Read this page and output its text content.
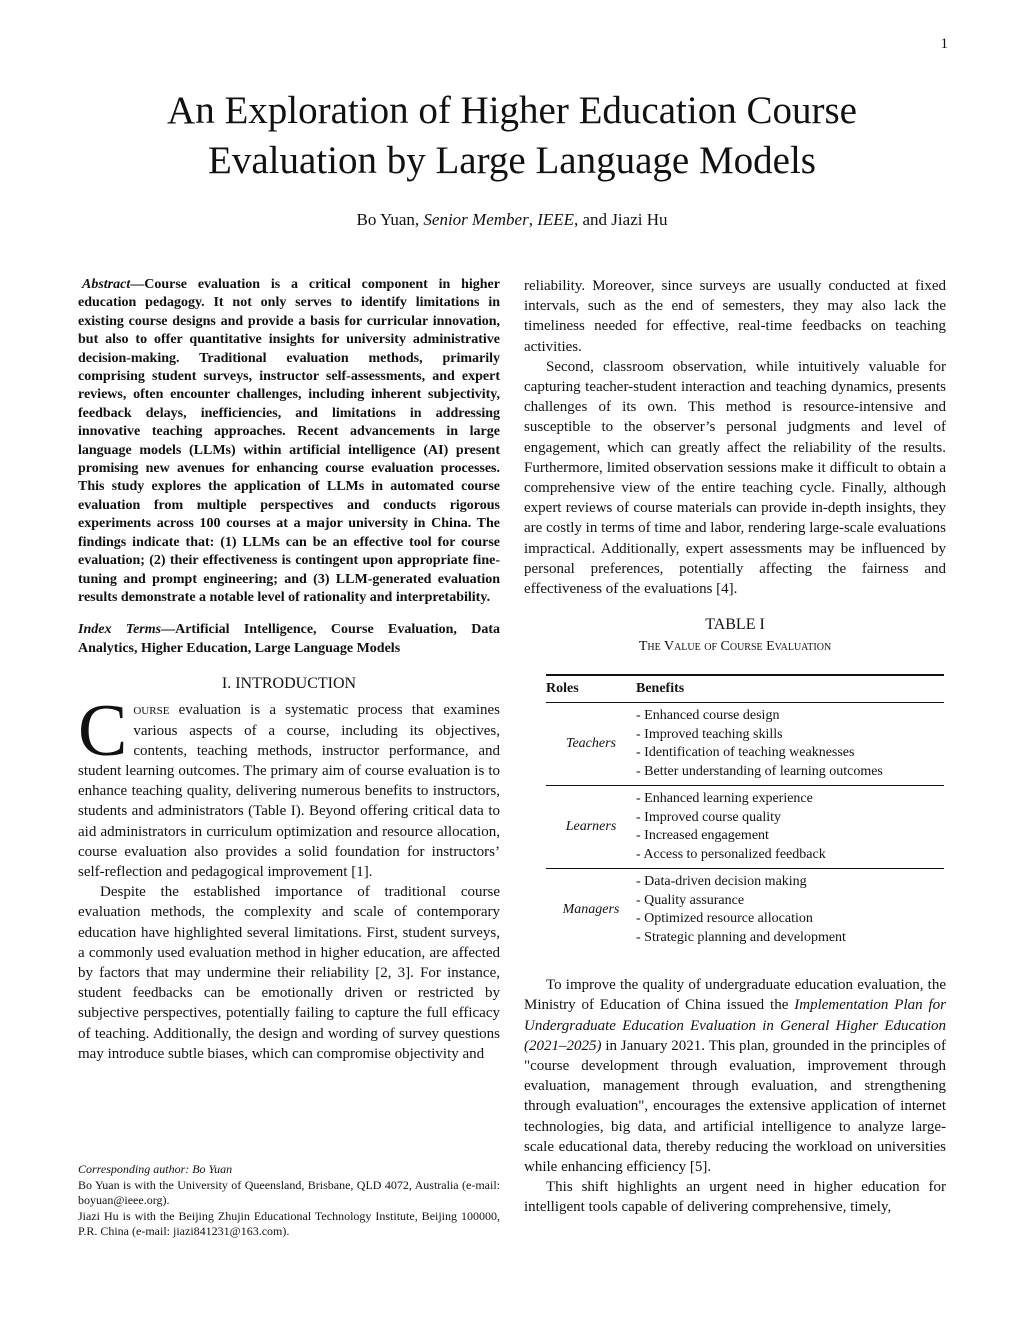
1
An Exploration of Higher Education Course
Evaluation by Large Language Models
Bo Yuan, Senior Member, IEEE, and Jiazi Hu

Abstract—Course evaluation is a critical component in higher education pedagogy. It not only serves to identify limitations in existing course designs and provide a basis for curricular innovation, but also to offer quantitative insights for university administrative decision-making. Traditional evaluation methods, primarily comprising student surveys, instructor self-assessments, and expert reviews, often encounter challenges, including inherent subjectivity, feedback delays, inefficiencies, and limitations in addressing innovative teaching approaches. Recent advancements in large language models (LLMs) within artificial intelligence (AI) present promising new avenues for enhancing course evaluation processes. This study explores the application of LLMs in automated course evaluation from multiple perspectives and conducts rigorous experiments across 100 courses at a major university in China. The findings indicate that: (1) LLMs can be an effective tool for course evaluation; (2) their effectiveness is contingent upon appropriate fine-tuning and prompt engineering; and (3) LLM-generated evaluation results demonstrate a notable level of rationality and interpretability.

Index Terms—Artificial Intelligence, Course Evaluation, Data Analytics, Higher Education, Large Language Models

I. INTRODUCTION

Course evaluation is a systematic process that examines various aspects of a course, including its objectives, contents, teaching methods, instructor performance, and student learning outcomes. The primary aim of course evaluation is to enhance teaching quality, delivering numerous benefits to instructors, students and administrators (Table I). Beyond offering critical data to aid administrators in curriculum optimization and resource allocation, course evaluation also provides a solid foundation for instructors’ self-reflection and pedagogical improvement [1].

Despite the established importance of traditional course evaluation methods, the complexity and scale of contemporary education have highlighted several limitations. First, student surveys, a commonly used evaluation method in higher education, are affected by factors that may undermine their reliability [2, 3]. For instance, student feedbacks can be emotionally driven or restricted by subjective perspectives, potentially failing to capture the full efficacy of teaching. Additionally, the design and wording of survey questions may introduce subtle biases, which can compromise objectivity and

Corresponding author: Bo Yuan

Bo Yuan is with the University of Queensland, Brisbane, QLD 4072, Australia (e-mail: boyuan@ieee.org).

Jiazi Hu is with the Beijing Zhujin Educational Technology Institute, Beijing 100000, P.R. China (e-mail: jiazi841231@163.com).

reliability. Moreover, since surveys are usually conducted at fixed intervals, such as the end of semesters, they may also lack the timeliness needed for effective, real-time feedbacks on teaching activities.

Second, classroom observation, while intuitively valuable for capturing teacher-student interaction and teaching dynamics, presents challenges of its own. This method is resource-intensive and susceptible to the observer’s personal judgments and level of engagement, which can greatly affect the reliability of the results. Furthermore, limited observation sessions make it difficult to obtain a comprehensive view of the entire teaching cycle. Finally, although expert reviews of course materials can provide in-depth insights, they are costly in terms of time and labor, rendering large-scale evaluations impractical. Additionally, expert assessments may be influenced by personal preferences, potentially affecting the fairness and effectiveness of the evaluations [4].

TABLE I
The Value of Course Evaluation
Roles	Benefits
Teachers	- Enhanced course design
- Improved teaching skills
- Identification of teaching weaknesses
- Better understanding of learning outcomes

Learners	- Enhanced learning experience
- Improved course quality
- Increased engagement
- Access to personalized feedback

Managers	- Data-driven decision making
- Quality assurance
- Optimized resource allocation
- Strategic planning and development

To improve the quality of undergraduate education evaluation, the Ministry of Education of China issued the Implementation Plan for Undergraduate Education Evaluation in General Higher Education (2021–2025) in January 2021. This plan, grounded in the principles of "course development through evaluation, improvement through evaluation, management through evaluation, and strengthening through evaluation", encourages the extensive application of internet technologies, big data, and artificial intelligence to analyze large-scale educational data, thereby reducing the workload on universities while enhancing efficiency [5].

This shift highlights an urgent need in higher education for intelligent tools capable of delivering comprehensive, timely,
